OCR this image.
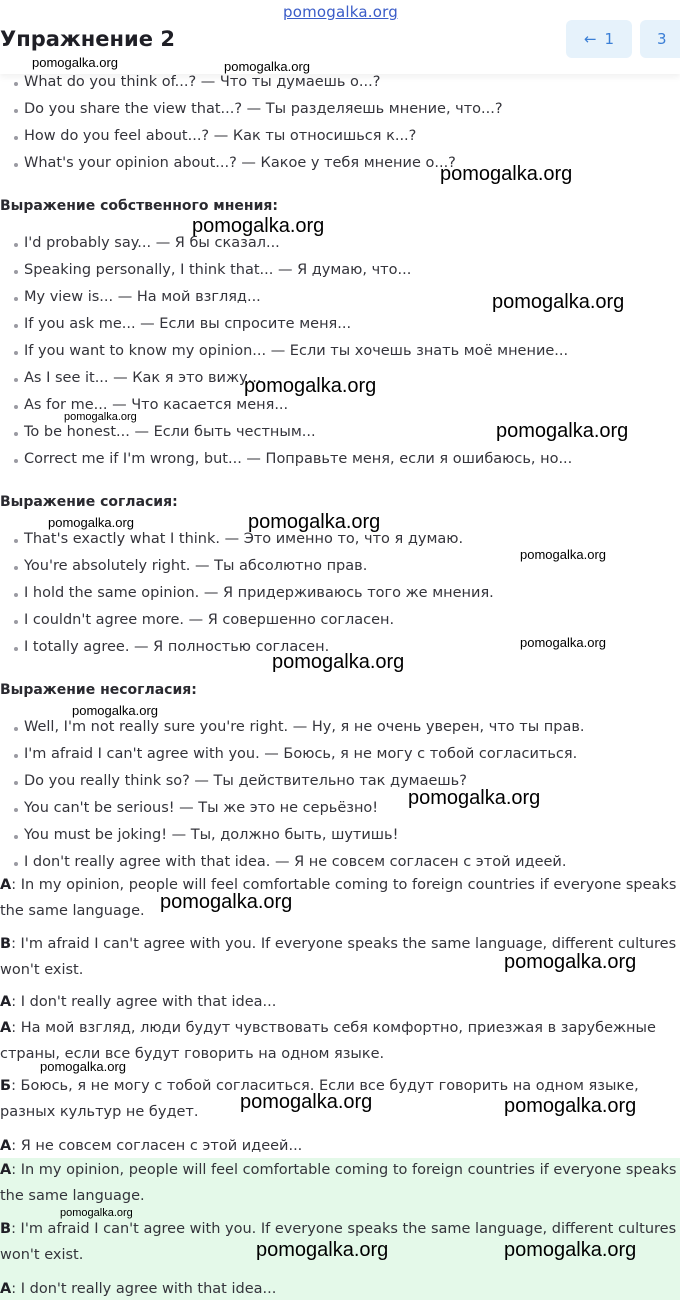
What do you think of...? — Что ты думаешь о...?
Do you share the view that...? — Ты разделяешь мнение, что...?
How do you feel about...? — Как ты относишься к...?
What's your opinion about...? — Какое у тебя мнение о...?
Выражение собственного мнения:
I'd probably say... — Я бы сказал...
Speaking personally, I think that... — Я думаю, что...
My view is... — На мой взгляд...
If you ask me... — Если вы спросите меня...
If you want to know my opinion... — Если ты хочешь знать моё мнение...
As I see it... — Как я это вижу...
As for me... — Что касается меня...
To be honest... — Если быть честным...
Correct me if I'm wrong, but... — Поправьте меня, если я ошибаюсь, но...
Выражение согласия:
That's exactly what I think. — Это именно то, что я думаю.
You're absolutely right. — Ты абсолютно прав.
I hold the same opinion. — Я придерживаюсь того же мнения.
I couldn't agree more. — Я совершенно согласен.
I totally agree. — Я полностью согласен.
Выражение несогласия:
Well, I'm not really sure you're right. — Ну, я не очень уверен, что ты прав.
I'm afraid I can't agree with you. — Боюсь, я не могу с тобой согласиться.
Do you really think so? — Ты действительно так думаешь?
You can't be serious! — Ты же это не серьёзно!
You must be joking! — Ты, должно быть, шутишь!
I don't really agree with that idea. — Я не совсем согласен с этой идеей.
A: In my opinion, people will feel comfortable coming to foreign countries if everyone speaks the same language.
B: I'm afraid I can't agree with you. If everyone speaks the same language, different cultures won't exist.
A: I don't really agree with that idea...
А: На мой взгляд, люди будут чувствовать себя комфортно, приезжая в зарубежные страны, если все будут говорить на одном языке.
Б: Боюсь, я не могу с тобой согласиться. Если все будут говорить на одном языке, разных культур не будет.
А: Я не совсем согласен с этой идеей...
A: In my opinion, people will feel comfortable coming to foreign countries if everyone speaks the same language.
B: I'm afraid I can't agree with you. If everyone speaks the same language, different cultures won't exist.
A: I don't really agree with that idea...
Упражнение 2	← 1	3
pomogalka.org
pomogalka.org	pomogalka.org
pomogalka.org
pomogalka.org
pomogalka.org
pomogalka.org
pomogalka.org
pomogalka.org
pomogalka.org	pomogalka.org
pomogalka.org
pomogalka.org
pomogalka.org
pomogalka.org
pomogalka.org
pomogalka.org
pomogalka.org
pomogalka.org
pomogalka.org	pomogalka.org
pomogalka.org
pomogalka.org	pomogalka.org
